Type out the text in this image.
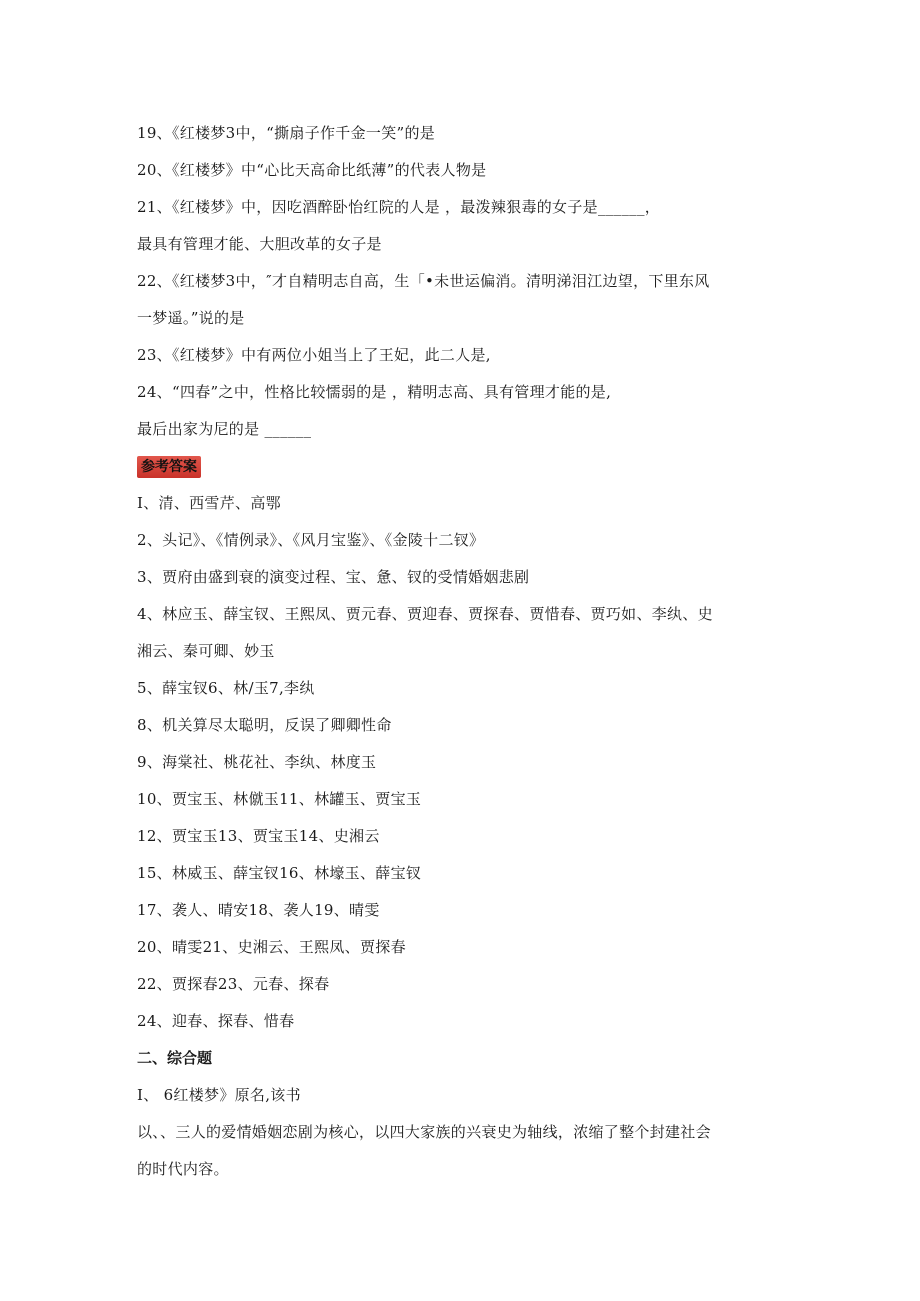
19、《红楼梦3中，“撕扇子作千金一笑”的是
20、《红楼梦》中“心比天高命比纸薄”的代表人物是
21、《红楼梦》中，因吃酒醉卧怡红院的人是 ，最泼辣狠毒的女子是______，
最具有管理才能、大胆改革的女子是
22、《红楼梦3中，″才自精明志自高，生「•未世运偏消。清明涕泪江边望，下里东风
一梦遥。”说的是
23、《红楼梦》中有两位小姐当上了王妃，此二人是,
24、“四春”之中，性格比较懦弱的是 ，精明志高、具有管理才能的是,
最后出家为尼的是 ______
参考答案
I、清、西雪芹、高鄂
2、头记》、《情例录》、《风月宝鉴》、《金陵十二钗》
3、贾府由盛到衰的演变过程、宝、惫、钗的受情婚姻悲剧
4、林应玉、薛宝钗、王熙凤、贾元春、贾迎春、贾探春、贾惜春、贾巧如、李纨、史
湘云、秦可卿、妙玉
5、薛宝钗6、林/玉7,李纨
8、机关算尽太聪明，反误了卿卿性命
9、海棠社、桃花社、李纨、林度玉
10、贾宝玉、林僦玉11、林罐玉、贾宝玉
12、贾宝玉13、贾宝玉14、史湘云
15、林威玉、薛宝钗16、林壕玉、薛宝钗
17、袭人、晴安18、袭人19、晴雯
20、晴雯21、史湘云、王熙凤、贾探春
22、贾探春23、元春、探春
24、迎春、探春、惜春
二、综合题
I、 6红楼梦》原名,该书
以、、三人的爱情婚姻恋剧为核心，以四大家族的兴衰史为轴线，浓缩了整个封建社会
的时代内容。
